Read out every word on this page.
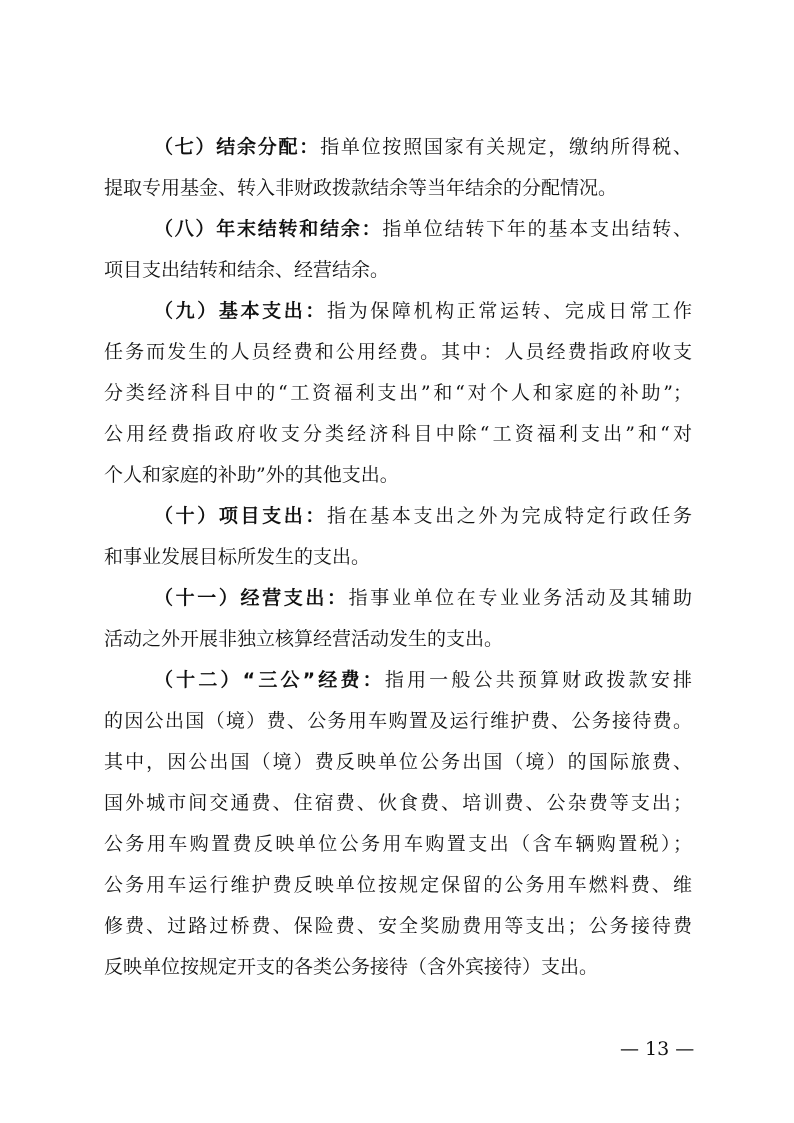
（七）结余分配：指单位按照国家有关规定，缴纳所得税、
提取专用基金、转入非财政拨款结余等当年结余的分配情况。
（八）年末结转和结余：指单位结转下年的基本支出结转、
项目支出结转和结余、经营结余。
（九）基本支出：指为保障机构正常运转、完成日常工作
任务而发生的人员经费和公用经费。其中：人员经费指政府收支
分类经济科目中的“工资福利支出”和“对个人和家庭的补助”；
公用经费指政府收支分类经济科目中除“工资福利支出”和“对
个人和家庭的补助”外的其他支出。
（十）项目支出：指在基本支出之外为完成特定行政任务
和事业发展目标所发生的支出。
（十一）经营支出：指事业单位在专业业务活动及其辅助
活动之外开展非独立核算经营活动发生的支出。
（十二）“三公”经费：指用一般公共预算财政拨款安排
的因公出国（境）费、公务用车购置及运行维护费、公务接待费。
其中，因公出国（境）费反映单位公务出国（境）的国际旅费、
国外城市间交通费、住宿费、伙食费、培训费、公杂费等支出；
公务用车购置费反映单位公务用车购置支出（含车辆购置税）；
公务用车运行维护费反映单位按规定保留的公务用车燃料费、维
修费、过路过桥费、保险费、安全奖励费用等支出；公务接待费
反映单位按规定开支的各类公务接待（含外宾接待）支出。
— 13 —
